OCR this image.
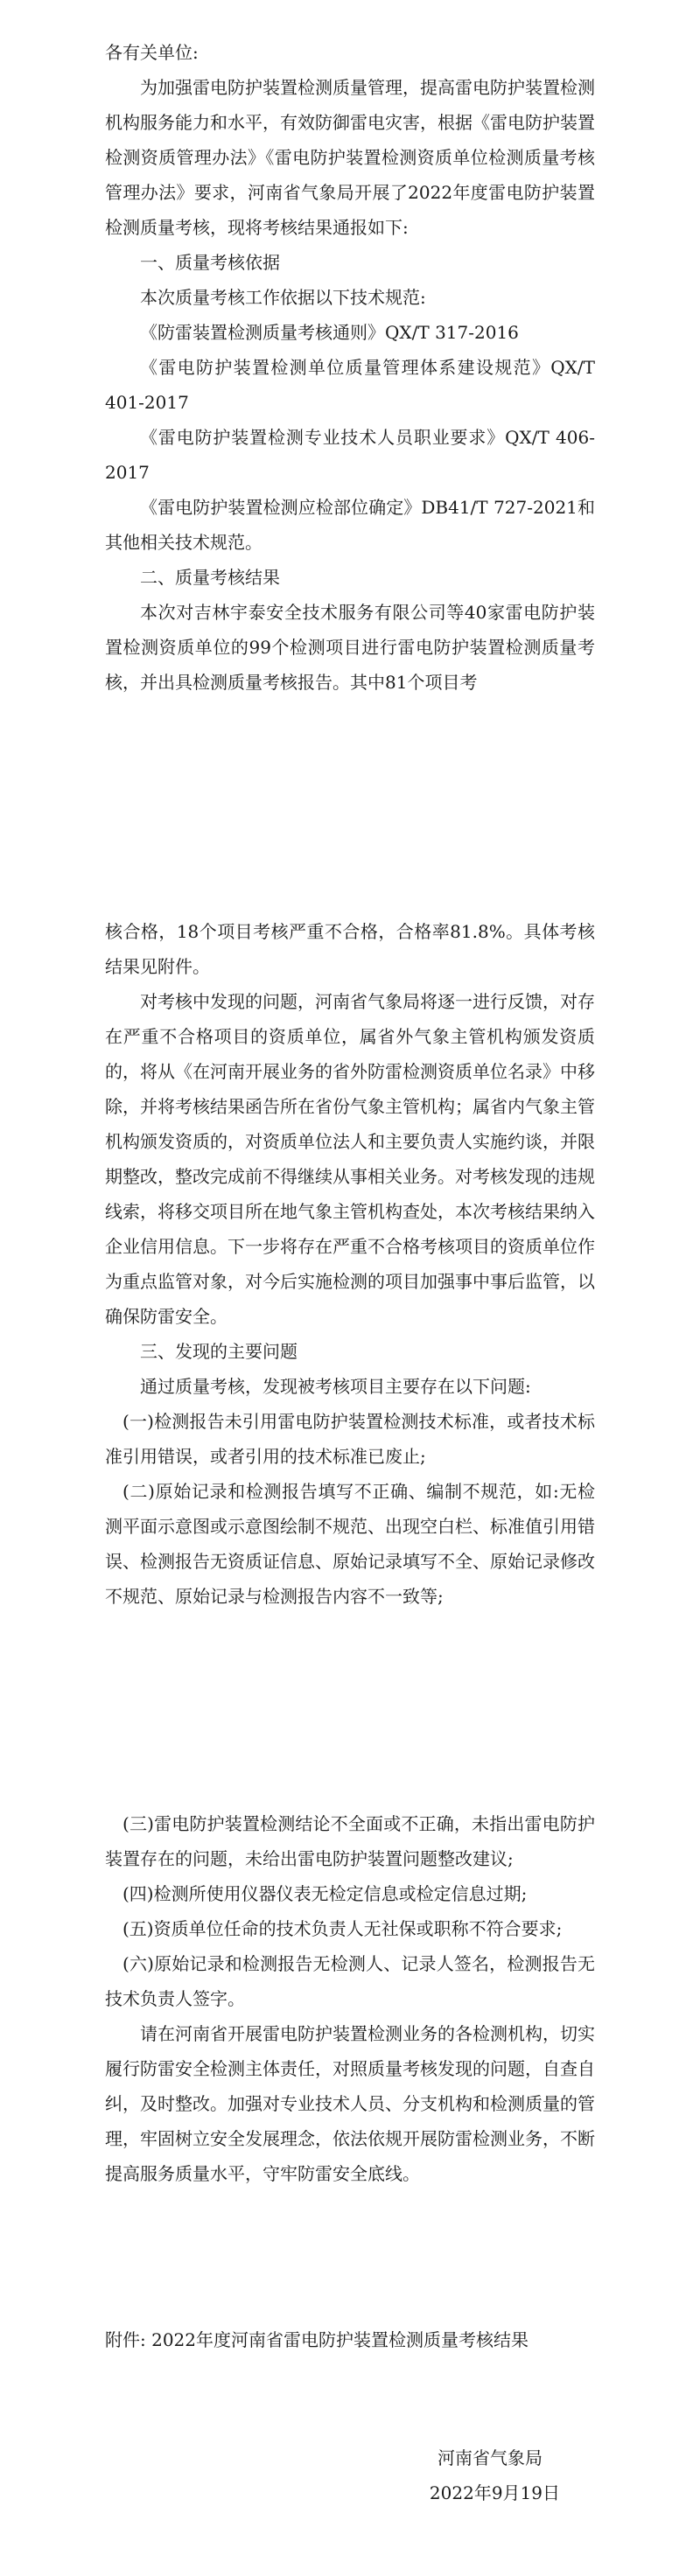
各有关单位:

为加强雷电防护装置检测质量管理，提高雷电防护装置检测机构服务能力和水平，有效防御雷电灾害，根据《雷电防护装置检测资质管理办法》《雷电防护装置检测资质单位检测质量考核管理办法》要求，河南省气象局开展了2022年度雷电防护装置检测质量考核，现将考核结果通报如下:

一、质量考核依据

本次质量考核工作依据以下技术规范:

《防雷装置检测质量考核通则》QX/T 317-2016

《雷电防护装置检测单位质量管理体系建设规范》QX/T 401-2017

《雷电防护装置检测专业技术人员职业要求》QX/T 406-2017

《雷电防护装置检测应检部位确定》DB41/T 727-2021和其他相关技术规范。

二、质量考核结果

本次对吉林宇泰安全技术服务有限公司等40家雷电防护装置检测资质单位的99个检测项目进行雷电防护装置检测质量考核，并出具检测质量考核报告。其中81个项目考

核合格，18个项目考核严重不合格，合格率81.8%。具体考核结果见附件。

对考核中发现的问题，河南省气象局将逐一进行反馈，对存在严重不合格项目的资质单位，属省外气象主管机构颁发资质的，将从《在河南开展业务的省外防雷检测资质单位名录》中移除，并将考核结果函告所在省份气象主管机构；属省内气象主管机构颁发资质的，对资质单位法人和主要负责人实施约谈，并限期整改，整改完成前不得继续从事相关业务。对考核发现的违规线索，将移交项目所在地气象主管机构查处，本次考核结果纳入企业信用信息。下一步将存在严重不合格考核项目的资质单位作为重点监管对象，对今后实施检测的项目加强事中事后监管，以确保防雷安全。

三、发现的主要问题

通过质量考核，发现被考核项目主要存在以下问题:

(一)检测报告未引用雷电防护装置检测技术标准，或者技术标准引用错误，或者引用的技术标准已废止;

(二)原始记录和检测报告填写不正确、编制不规范，如:无检测平面示意图或示意图绘制不规范、出现空白栏、标准值引用错误、检测报告无资质证信息、原始记录填写不全、原始记录修改不规范、原始记录与检测报告内容不一致等;

(三)雷电防护装置检测结论不全面或不正确，未指出雷电防护装置存在的问题，未给出雷电防护装置问题整改建议;

(四)检测所使用仪器仪表无检定信息或检定信息过期;

(五)资质单位任命的技术负责人无社保或职称不符合要求;

(六)原始记录和检测报告无检测人、记录人签名，检测报告无技术负责人签字。

请在河南省开展雷电防护装置检测业务的各检测机构，切实履行防雷安全检测主体责任，对照质量考核发现的问题，自查自纠，及时整改。加强对专业技术人员、分支机构和检测质量的管理，牢固树立安全发展理念，依法依规开展防雷检测业务，不断提高服务质量水平，守牢防雷安全底线。

附件: 2022年度河南省雷电防护装置检测质量考核结果

河南省气象局

2022年9月19日
